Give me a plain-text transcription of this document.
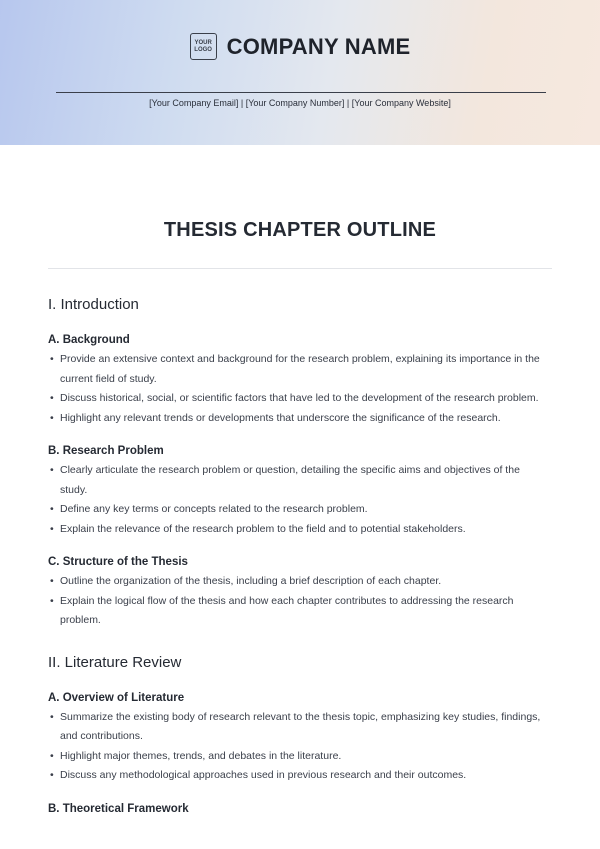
YOUR
LOGO COMPANY NAME
[Your Company Email] | [Your Company Number] | [Your Company Website]
THESIS CHAPTER OUTLINE
I. Introduction
A. Background
• Provide an extensive context and background for the research problem, explaining its importance in the current field of study.
• Discuss historical, social, or scientific factors that have led to the development of the research problem.
• Highlight any relevant trends or developments that underscore the significance of the research.
B. Research Problem
• Clearly articulate the research problem or question, detailing the specific aims and objectives of the study.
• Define any key terms or concepts related to the research problem.
• Explain the relevance of the research problem to the field and to potential stakeholders.
C. Structure of the Thesis
• Outline the organization of the thesis, including a brief description of each chapter.
• Explain the logical flow of the thesis and how each chapter contributes to addressing the research problem.
II. Literature Review
A. Overview of Literature
• Summarize the existing body of research relevant to the thesis topic, emphasizing key studies, findings, and contributions.
• Highlight major themes, trends, and debates in the literature.
• Discuss any methodological approaches used in previous research and their outcomes.
B. Theoretical Framework
